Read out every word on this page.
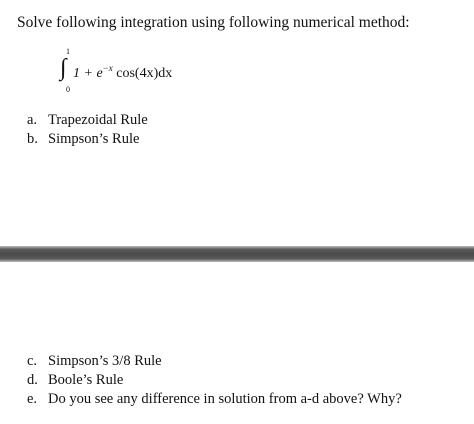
Solve following integration using following numerical method:
1
∫
0
$1 + e^{-x}$ cos(4x)dx
a. Trapezoidal Rule
b. Simpson’s Rule
c. Simpson’s 3/8 Rule
d. Boole’s Rule
e. Do you see any difference in solution from a-d above? Why?
